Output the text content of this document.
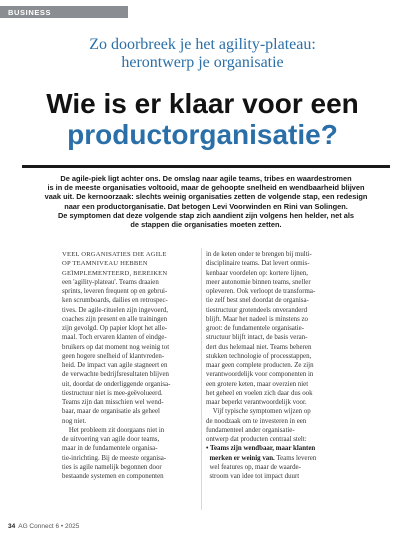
BUSINESS
Zo doorbreek je het agility-plateau:
herontwerp je organisatie
Wie is er klaar voor een
productorganisatie?
De agile-piek ligt achter ons. De omslag naar agile teams, tribes en waardestromen
is in de meeste organisaties voltooid, maar de gehoopte snelheid en wendbaarheid blijven
vaak uit. De kernoorzaak: slechts weinig organisaties zetten de volgende stap, een redesign
naar een productorganisatie. Dat betogen Levi Voorwinden en Rini van Solingen.
De symptomen dat deze volgende stap zich aandient zijn volgens hen helder, net als
de stappen die organisaties moeten zetten.
VEEL ORGANISATIES DIE AGILE
OP TEAMNIVEAU HEBBEN
GEÏMPLEMENTEERD, BEREIKEN
een 'agility-plateau'. Teams draaien
sprints, leveren frequent op en gebrui-
ken scrumboards, dailies en retrospec-
tives. De agile-rituelen zijn ingevoerd,
coaches zijn present en alle trainingen
zijn gevolgd. Op papier klopt het alle-
maal. Toch ervaren klanten of eindge-
bruikers op dat moment nog weinig tot
geen hogere snelheid of klantvreden-
heid. De impact van agile stagneert en
de verwachte bedrijfsresultaten blijven
uit, doordat de onderliggende organisa-
tiestructuur niet is mee-geëvolueerd.
Teams zijn dan misschien wel wend-
baar, maar de organisatie als geheel
nog niet.
Het probleem zit doorgaans niet in
de uitvoering van agile door teams,
maar in de fundamentele organisa-
tie-inrichting. Bij de meeste organisa-
ties is agile namelijk begonnen door
bestaande systemen en componenten
in de keten onder te brengen bij multi-
disciplinaire teams. Dat levert onmis-
kenbaar voordelen op: kortere lijnen,
meer autonomie binnen teams, sneller
opleveren. Ook verloopt de transforma-
tie zelf best snel doordat de organisa-
tiestructuur grotendeels onveranderd
blijft. Maar het nadeel is minstens zo
groot: de fundamentele organisatie-
structuur blijft intact, de basis veran-
dert dus helemaal niet. Teams beheren
stukken technologie of processtappen,
maar geen complete producten. Ze zijn
verantwoordelijk voor componenten in
een grotere keten, maar overzien niet
het geheel en voelen zich daar dus ook
maar beperkt verantwoordelijk voor.
Vijf typische symptomen wijzen op
de noodzaak om te investeren in een
fundamenteel ander organisatie-
ontwerp dat producten centraal stelt:
• Teams zijn wendbaar, maar klanten
merken er weinig van. Teams leveren
wel features op, maar de waarde-
stroom van idee tot impact duurt
34 AG Connect 6 • 2025
